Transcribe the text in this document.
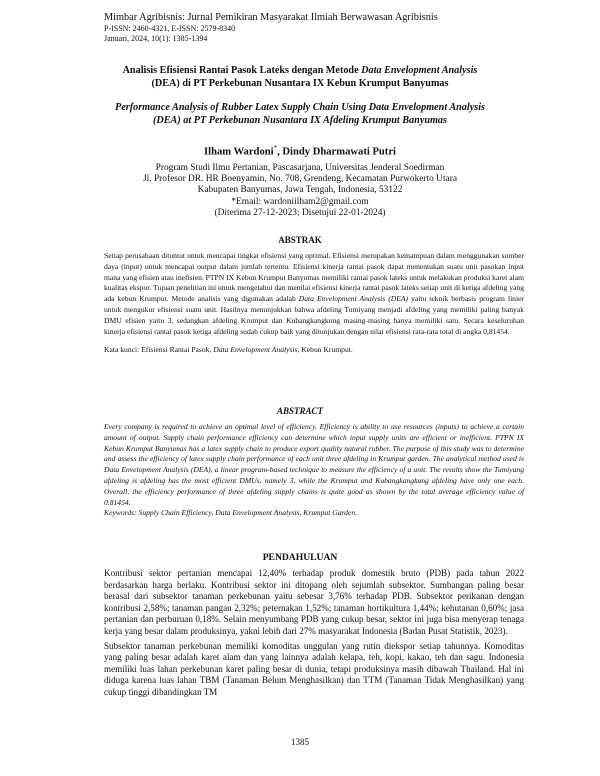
Mimbar Agribisnis: Jurnal Pemikiran Masyarakat Ilmiah Berwawasan Agribisnis
P-ISSN: 2460-4321, E-ISSN: 2579-8340
Januari, 2024, 10(1): 1385-1394
Analisis Efisiensi Rantai Pasok Lateks dengan Metode Data Envelopment Analysis
(DEA) di PT Perkebunan Nusantara IX Kebun Krumput Banyumas
Performance Analysis of Rubber Latex Supply Chain Using Data Envelopment Analysis
(DEA) at PT Perkebunan Nusantara IX Afdeling Krumput Banyumas
Ilham Wardoni*, Dindy Dharmawati Putri
Program Studi Ilmu Pertanian, Pascasarjana, Universitas Jenderal Soedirman
Jl. Profesor DR. HR Boenyamin, No. 708, Grendeng, Kecamatan Purwokerto Utara
Kabupaten Banyumas, Jawa Tengah, Indonesia, 53122
*Email: wardoniilham2@gmail.com
(Diterima 27-12-2023; Disetujui 22-01-2024)
ABSTRAK

Setiap perusahaan dituntut untuk mencapai tingkat efisiensi yang optimal. Efisiensi merupakan kemampuan dalam menggunakan sumber daya (input) untuk mencapai output dalam jumlah tertentu. Efisiensi kinerja rantai pasok dapat menentukan suatu unit pasokan input mana yang efisien atau inefisien. PTPN IX Kebun Krumput Banyumas memiliki rantai pasok lateks untuk melakukan produksi karet alam kualitas ekspor. Tujuan penelitian ini untuk mengetahui dan menilai efisiensi kinerja rantai pasok lateks setiap unit di ketiga afdeling yang ada kebun Krumput. Metode analisis yang digunakan adalah Data Envelopment Analysis (DEA) yaitu teknik berbasis program linier untuk mengukur efisiensi suatu unit. Hasilnya menunjukkan bahwa afdeling Tumiyang menjadi afdeling yang memiliki paling banyak DMU efisien yaitu 3, sedangkan afdeling Krumput dan Kubangkangkung masing-masing hanya memiliki satu. Secara keseluruhan kinerja efisiensi rantai pasok ketiga afdeling sudah cukup baik yang ditunjukan dengan nilai efisiensi rata-rata total di angka 0,81454.

Kata kunci: Efisiensi Rantai Pasok, Data Envelopment Analysis, Kebun Krumput.

ABSTRACT

Every company is required to achieve an optimal level of efficiency. Efficiency is ability to use resources (inputs) to achieve a certain amount of output. Supply chain performance efficiency can determine which input supply units are efficient or inefficient. PTPN IX Kebun Krumput Banyumas has a latex supply chain to produce export quality natural rubber. The purpose of this study was to determine and assess the efficiency of latex supply chain performance of each unit three afdeling in Krumput garden. The analytical method used is Data Envelopment Analysis (DEA), a linear program-based technique to measure the efficiency of a unit. The results show the Tumiyang afdeling is afdeling has the most efficient DMUs, namely 3, while the Krumput and Kubangkangkung afdeling have only one each. Overall, the efficiency performance of three afdeling supply chains is quite good as shown by the total average efficiency value of 0.81454.

Keywords: Supply Chain Efficiency, Data Envelopment Analysis, Krumput Garden.

PENDAHULUAN

Kontribusi sektor pertanian mencapai 12,40% terhadap produk domestik bruto (PDB) pada tahun 2022 berdasarkan harga berlaku. Kontribusi sektor ini ditopang oleh sejumlah subsektor. Sumbangan paling besar berasal dari subsektor tanaman perkebunan yaitu sebesar 3,76% terhadap PDB. Subsektor perikanan dengan kontribusi 2,58%; tanaman pangan 2,32%; peternakan 1,52%; tanaman hortikultura 1,44%; kehutanan 0,60%; jasa pertanian dan perburuan 0,18%. Selain menyumbang PDB yang cukup besar, sektor ini juga bisa menyerap tenaga kerja yang besar dalam produksinya, yakni lebih dari 27% masyarakat Indonesia (Badan Pusat Statistik, 2023).

Subsektor tanaman perkebunan memiliki komoditas unggulan yang rutin diekspor setiap tahunnya. Komoditas yang paling besar adalah karet alam dan yang lainnya adalah kelapa, teh, kopi, kakao, teh dan sagu. Indonesia memiliki luas lahan perkebunan karet paling besar di dunia, tetapi produksinya masih dibawah Thailand. Hal ini diduga karena luas lahan TBM (Tanaman Belum Menghasilkan) dan TTM (Tanaman Tidak Menghasilkan) yang cukup tinggi dibandingkan TM

1385
